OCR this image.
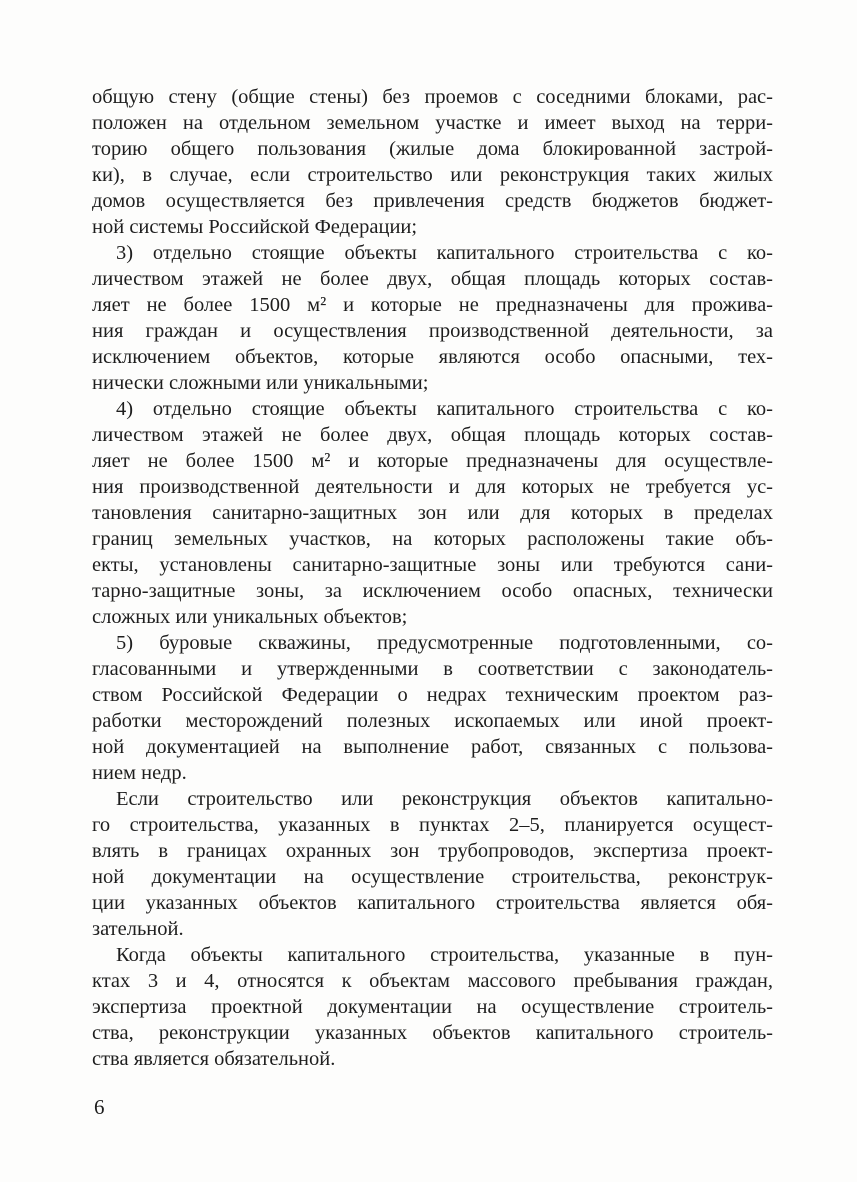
общую стену (общие стены) без проемов с соседними блоками, рас-
положен на отдельном земельном участке и имеет выход на терри-
торию общего пользования (жилые дома блокированной застрой-
ки), в случае, если строительство или реконструкция таких жилых
домов осуществляется без привлечения средств бюджетов бюджет-
ной системы Российской Федерации;
3) отдельно стоящие объекты капитального строительства с ко-
личеством этажей не более двух, общая площадь которых состав-
ляет не более 1500 м² и которые не предназначены для прожива-
ния граждан и осуществления производственной деятельности, за
исключением объектов, которые являются особо опасными, тех-
нически сложными или уникальными;
4) отдельно стоящие объекты капитального строительства с ко-
личеством этажей не более двух, общая площадь которых состав-
ляет не более 1500 м² и которые предназначены для осуществле-
ния производственной деятельности и для которых не требуется ус-
тановления санитарно-защитных зон или для которых в пределах
границ земельных участков, на которых расположены такие объ-
екты, установлены санитарно-защитные зоны или требуются сани-
тарно-защитные зоны, за исключением особо опасных, технически
сложных или уникальных объектов;
5) буровые скважины, предусмотренные подготовленными, со-
гласованными и утвержденными в соответствии с законодатель-
ством Российской Федерации о недрах техническим проектом раз-
работки месторождений полезных ископаемых или иной проект-
ной документацией на выполнение работ, связанных с пользова-
нием недр.
Если строительство или реконструкция объектов капитально-
го строительства, указанных в пунктах 2–5, планируется осущест-
влять в границах охранных зон трубопроводов, экспертиза проект-
ной документации на осуществление строительства, реконструк-
ции указанных объектов капитального строительства является обя-
зательной.
Когда объекты капитального строительства, указанные в пун-
ктах 3 и 4, относятся к объектам массового пребывания граждан,
экспертиза проектной документации на осуществление строитель-
ства, реконструкции указанных объектов капитального строитель-
ства является обязательной.
6
